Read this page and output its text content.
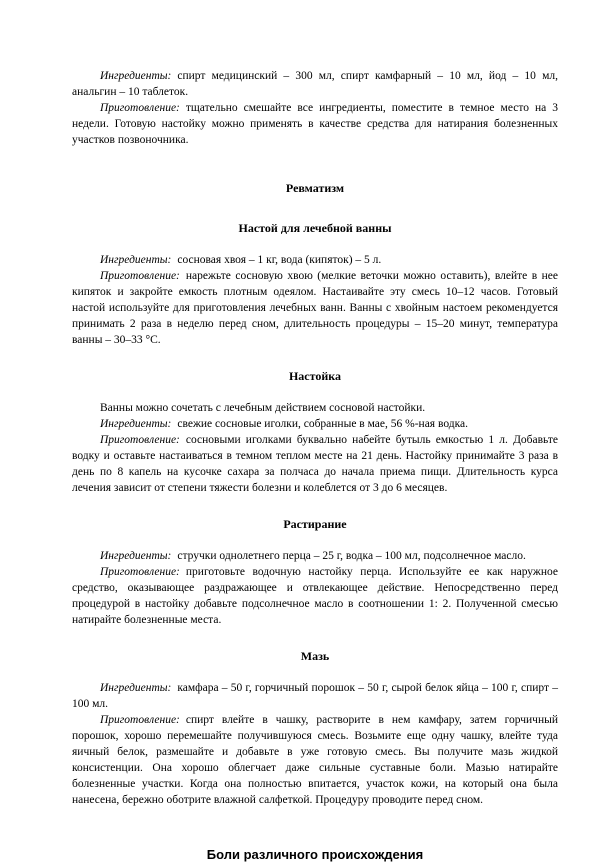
Ингредиенты: спирт медицинский – 300 мл, спирт камфарный – 10 мл, йод – 10 мл, анальгин – 10 таблеток.

Приготовление: тщательно смешайте все ингредиенты, поместите в темное место на 3 недели. Готовую настойку можно применять в качестве средства для натирания болезненных участков позвоночника.

Ревматизм
Настой для лечебной ванны

Ингредиенты: сосновая хвоя – 1 кг, вода (кипяток) – 5 л.

Приготовление: нарежьте сосновую хвою (мелкие веточки можно оставить), влейте в нее кипяток и закройте емкость плотным одеялом. Настаивайте эту смесь 10–12 часов. Готовый настой используйте для приготовления лечебных ванн. Ванны с хвойным настоем рекомендуется принимать 2 раза в неделю перед сном, длительность процедуры – 15–20 минут, температура ванны – 30–33 °С.

Настойка

Ванны можно сочетать с лечебным действием сосновой настойки.

Ингредиенты: свежие сосновые иголки, собранные в мае, 56 %-ная водка.

Приготовление: сосновыми иголками буквально набейте бутыль емкостью 1 л. Добавьте водку и оставьте настаиваться в темном теплом месте на 21 день. Настойку принимайте 3 раза в день по 8 капель на кусочке сахара за полчаса до начала приема пищи. Длительность курса лечения зависит от степени тяжести болезни и колеблется от 3 до 6 месяцев.

Растирание

Ингредиенты: стручки однолетнего перца – 25 г, водка – 100 мл, подсолнечное масло.

Приготовление: приготовьте водочную настойку перца. Используйте ее как наружное средство, оказывающее раздражающее и отвлекающее действие. Непосредственно перед процедурой в настойку добавьте подсолнечное масло в соотношении 1: 2. Полученной смесью натирайте болезненные места.

Мазь

Ингредиенты: камфара – 50 г, горчичный порошок – 50 г, сырой белок яйца – 100 г, спирт – 100 мл.

Приготовление: спирт влейте в чашку, растворите в нем камфару, затем горчичный порошок, хорошо перемешайте получившуюся смесь. Возьмите еще одну чашку, влейте туда яичный белок, размешайте и добавьте в уже готовую смесь. Вы получите мазь жидкой консистенции. Она хорошо облегчает даже сильные суставные боли. Мазью натирайте болезненные участки. Когда она полностью впитается, участок кожи, на который она была нанесена, бережно оботрите влажной салфеткой. Процедуру проводите перед сном.

Боли различного происхождения
